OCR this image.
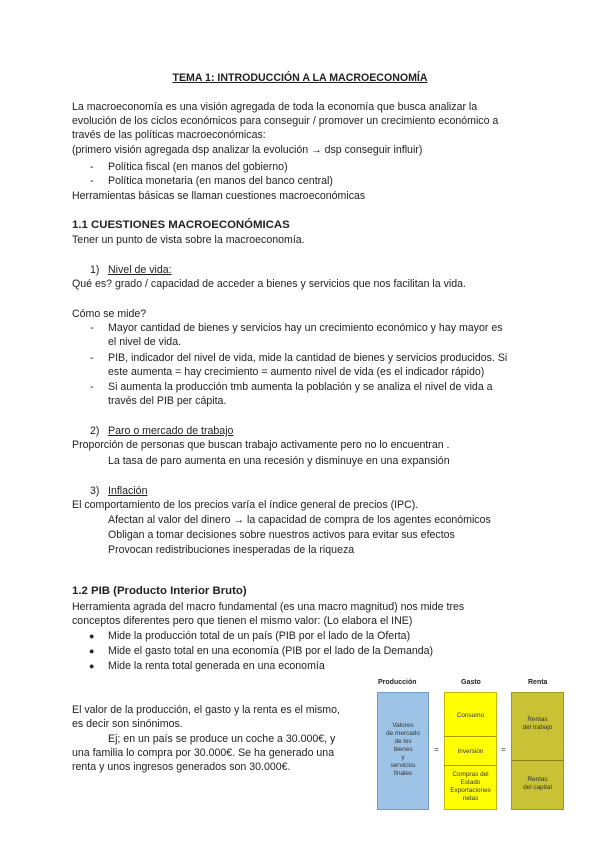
TEMA 1: INTRODUCCIÓN A LA MACROECONOMÍA
La macroeconomía es una visión agregada de toda la economía que busca analizar la
evolución de los ciclos económicos para conseguir / promover un crecimiento económico a
través de las políticas macroeconómicas:
(primero visión agregada dsp analizar la evolución → dsp conseguir influir)
- Política fiscal (en manos del gobierno)
- Política monetaria (en manos del banco central)
Herramientas básicas se llaman cuestiones macroeconómicas
1.1 CUESTIONES MACROECONÓMICAS
Tener un punto de vista sobre la macroeconomía.
1) Nivel de vida:
Qué es? grado / capacidad de acceder a bienes y servicios que nos facilitan la vida.
Cómo se mide?
- Mayor cantidad de bienes y servicios hay un crecimiento económico y hay mayor es
el nivel de vida.
- PIB, indicador del nivel de vida, mide la cantidad de bienes y servicios producidos. Si
este aumenta = hay crecimiento = aumento nivel de vida (es el indicador rápido)
- Si aumenta la producción tmb aumenta la población y se analiza el nivel de vida a
través del PIB per cápita.
2) Paro o mercado de trabajo
Proporción de personas que buscan trabajo activamente pero no lo encuentran .
La tasa de paro aumenta en una recesión y disminuye en una expansión
3) Inflación
El comportamiento de los precios varía el índice general de precios (IPC).
Afectan al valor del dinero → la capacidad de compra de los agentes económicos
Obligan a tomar decisiones sobre nuestros activos para evitar sus efectos
Provocan redistribuciones inesperadas de la riqueza
1.2 PIB (Producto Interior Bruto)
Herramienta agrada del macro fundamental (es una macro magnitud) nos mide tres
conceptos diferentes pero que tienen el mismo valor: (Lo elabora el INE)
● Mide la producción total de un país (PIB por el lado de la Oferta)
● Mide el gasto total en una economía (PIB por el lado de la Demanda)
● Mide la renta total generada en una economía
El valor de la producción, el gasto y la renta es el mismo,
es decir son sinónimos.
Ej; en un país se produce un coche a 30.000€, y
una familia lo compra por 30.000€. Se ha generado una
renta y unos ingresos generados son 30.000€.
Producción	Gasto	Renta
Valores
de mercado
de los
bienes
y
servicios
finales
=
Consumo
Inversión
Compras del
Estado
Exportaciones
netas
=
Rentas
del trabajo
Rentas
del capital
